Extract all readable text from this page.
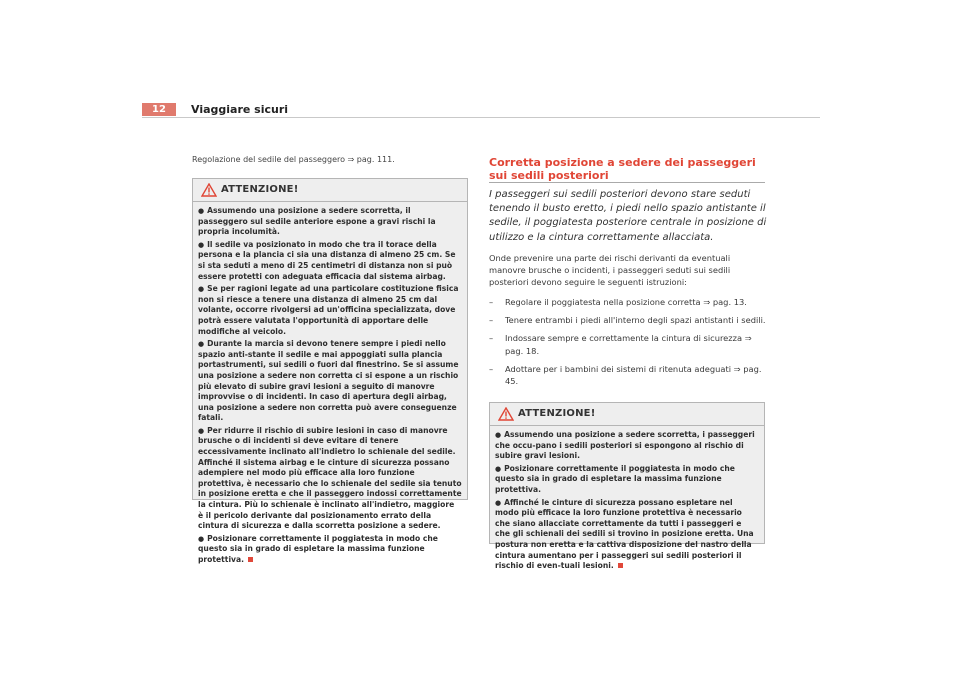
12	Viaggiare sicuri
Regolazione del sedile del passeggero ⇒ pag. 111.
ATTENZIONE!
● Assumendo una posizione a sedere scorretta, il passeggero sul sedile anteriore espone a gravi rischi la propria incolumità.
● Il sedile va posizionato in modo che tra il torace della persona e la plancia ci sia una distanza di almeno 25 cm. Se si sta seduti a meno di 25 centimetri di distanza non si può essere protetti con adeguata efficacia dal sistema airbag.
● Se per ragioni legate ad una particolare costituzione fisica non si riesce a tenere una distanza di almeno 25 cm dal volante, occorre rivolgersi ad un'officina specializzata, dove potrà essere valutata l'opportunità di apportare delle modifiche al veicolo.
● Durante la marcia si devono tenere sempre i piedi nello spazio anti-stante il sedile e mai appoggiati sulla plancia portastrumenti, sui sedili o fuori dal finestrino. Se si assume una posizione a sedere non corretta ci si espone a un rischio più elevato di subire gravi lesioni a seguito di manovre improvvise o di incidenti. In caso di apertura degli airbag, una posizione a sedere non corretta può avere conseguenze fatali.
● Per ridurre il rischio di subire lesioni in caso di manovre brusche o di incidenti si deve evitare di tenere eccessivamente inclinato all'indietro lo schienale del sedile. Affinché il sistema airbag e le cinture di sicurezza possano adempiere nel modo più efficace alla loro funzione protettiva, è necessario che lo schienale del sedile sia tenuto in posizione eretta e che il passeggero indossi correttamente la cintura. Più lo schienale è inclinato all'indietro, maggiore è il pericolo derivante dal posizionamento errato della cintura di sicurezza e dalla scorretta posizione a sedere.
● Posizionare correttamente il poggiatesta in modo che questo sia in grado di espletare la massima funzione protettiva.
Corretta posizione a sedere dei passeggeri sui sedili posteriori
I passeggeri sui sedili posteriori devono stare seduti tenendo il busto eretto, i piedi nello spazio antistante il sedile, il poggiatesta posteriore centrale in posizione di utilizzo e la cintura correttamente allacciata.
Onde prevenire una parte dei rischi derivanti da eventuali manovre brusche o incidenti, i passeggeri seduti sui sedili posteriori devono seguire le seguenti istruzioni:
– Regolare il poggiatesta nella posizione corretta ⇒ pag. 13.
– Tenere entrambi i piedi all'interno degli spazi antistanti i sedili.
– Indossare sempre e correttamente la cintura di sicurezza ⇒ pag. 18.
– Adottare per i bambini dei sistemi di ritenuta adeguati ⇒ pag. 45.
ATTENZIONE!
● Assumendo una posizione a sedere scorretta, i passeggeri che occu-pano i sedili posteriori si espongono al rischio di subire gravi lesioni.
● Posizionare correttamente il poggiatesta in modo che questo sia in grado di espletare la massima funzione protettiva.
● Affinché le cinture di sicurezza possano espletare nel modo più efficace la loro funzione protettiva è necessario che siano allacciate correttamente da tutti i passeggeri e che gli schienali dei sedili si trovino in posizione eretta. Una postura non eretta e la cattiva disposizione del nastro della cintura aumentano per i passeggeri sui sedili posteriori il rischio di even-tuali lesioni.
